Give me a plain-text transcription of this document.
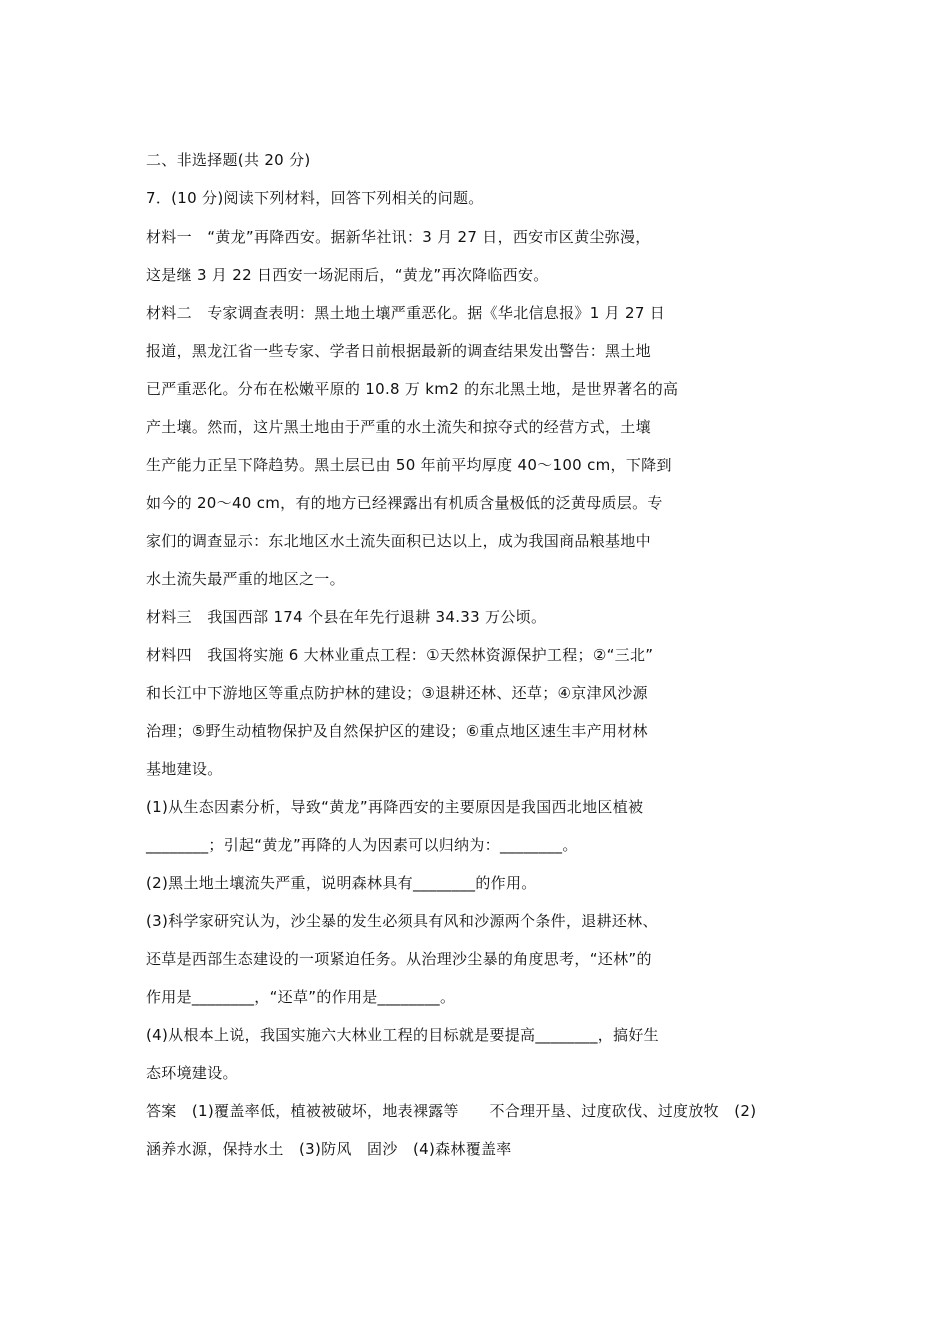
二、非选择题(共 20 分)
7．(10 分)阅读下列材料，回答下列相关的问题。
材料一　“黄龙”再降西安。据新华社讯：3 月 27 日，西安市区黄尘弥漫，
这是继 3 月 22 日西安一场泥雨后，“黄龙”再次降临西安。
材料二　专家调查表明：黑土地土壤严重恶化。据《华北信息报》1 月 27 日
报道，黑龙江省一些专家、学者日前根据最新的调查结果发出警告：黑土地
已严重恶化。分布在松嫩平原的 10.8 万 km2 的东北黑土地，是世界著名的高
产土壤。然而，这片黑土地由于严重的水土流失和掠夺式的经营方式，土壤
生产能力正呈下降趋势。黑土层已由 50 年前平均厚度 40～100 cm，下降到
如今的 20～40 cm，有的地方已经裸露出有机质含量极低的泛黄母质层。专
家们的调查显示：东北地区水土流失面积已达以上，成为我国商品粮基地中
水土流失最严重的地区之一。
材料三　我国西部 174 个县在年先行退耕 34.33 万公顷。
材料四　我国将实施 6 大林业重点工程：①天然林资源保护工程；②“三北”
和长江中下游地区等重点防护林的建设；③退耕还林、还草；④京津风沙源
治理；⑤野生动植物保护及自然保护区的建设；⑥重点地区速生丰产用材林
基地建设。
(1)从生态因素分析，导致“黄龙”再降西安的主要原因是我国西北地区植被
________；引起“黄龙”再降的人为因素可以归纳为：________。
(2)黑土地土壤流失严重，说明森林具有________的作用。
(3)科学家研究认为，沙尘暴的发生必须具有风和沙源两个条件，退耕还林、
还草是西部生态建设的一项紧迫任务。从治理沙尘暴的角度思考，“还林”的
作用是________，“还草”的作用是________。
(4)从根本上说，我国实施六大林业工程的目标就是要提高________，搞好生
态环境建设。
答案　(1)覆盖率低，植被被破坏，地表裸露等　　不合理开垦、过度砍伐、过度放牧　(2)
涵养水源，保持水土　(3)防风　固沙　(4)森林覆盖率
